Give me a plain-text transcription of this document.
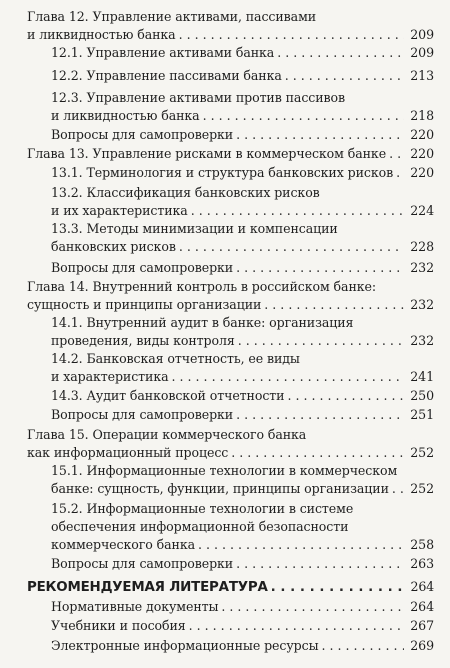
Глава 12. Управление активами, пассивами
и ликвидностью банка . . .	209
12.1. Управление активами банка . . .	209
12.2. Управление пассивами банка . . .	213
12.3. Управление активами против пассивов
и ликвидностью банка . . .	218
Вопросы для самопроверки . . .	220
Глава 13. Управление рисками в коммерческом банке . . . 220
13.1. Терминология и структура банковских рисков . . . 220
13.2. Классификация банковских рисков
и их характеристика . . .	224
13.3. Методы минимизации и компенсации
банковских рисков . . .	228
Вопросы для самопроверки . . .	232
Глава 14. Внутренний контроль в российском банке:
сущность и принципы организации . . .	232
14.1. Внутренний аудит в банке: организация
проведения, виды контроля . . .	232
14.2. Банковская отчетность, ее виды
и характеристика . . .	241
14.3. Аудит банковской отчетности . . .	250
Вопросы для самопроверки . . .	251
Глава 15. Операции коммерческого банка
как информационный процесс . . .	252
15.1. Информационные технологии в коммерческом
банке: сущность, функции, принципы организации . . . 252
15.2. Информационные технологии в системе
обеспечения информационной безопасности
коммерческого банка . . .	258
Вопросы для самопроверки . . .	263
РЕКОМЕНДУЕМАЯ ЛИТЕРАТУРА . . .	264
Нормативные документы . . .	264
Учебники и пособия . . .	267
Электронные информационные ресурсы . . .	269
